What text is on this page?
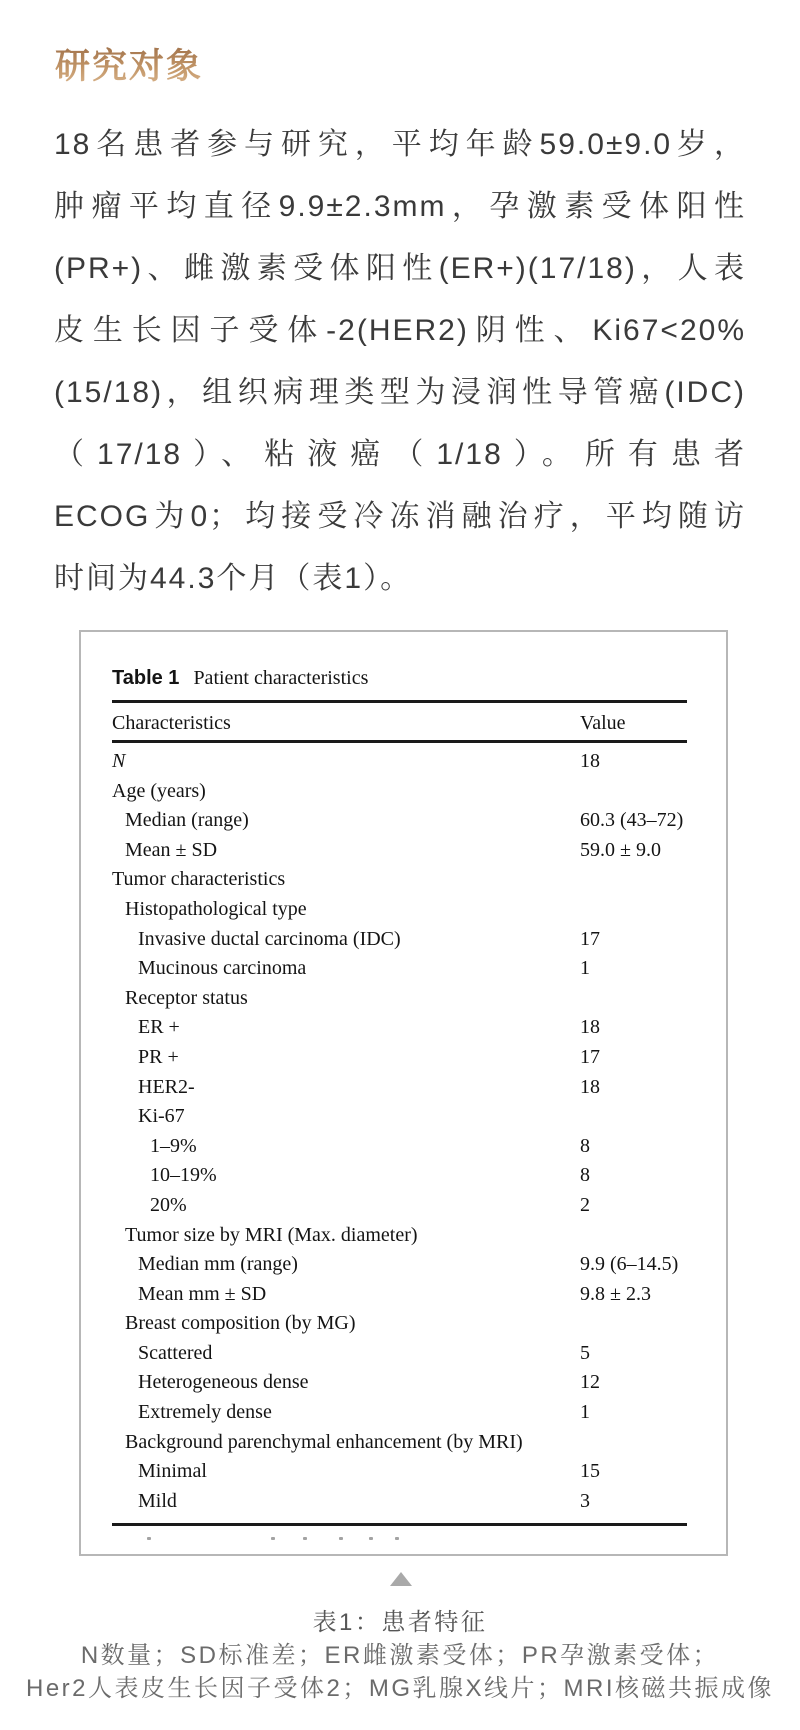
研究对象
18名患者参与研究，平均年龄59.0±9.0岁，
肿瘤平均直径9.9±2.3mm，孕激素受体阳性
(PR+)、雌激素受体阳性(ER+)(17/18)，人表
皮生长因子受体-2(HER2)阴性、Ki67<20%
(15/18)，组织病理类型为浸润性导管癌(IDC)
（17/18）、粘液癌（1/18）。所有患者
ECOG为0；均接受冷冻消融治疗，平均随访
时间为44.3个月（表1）。
Table 1 Patient characteristics
Characteristics	Value
N	18
Age (years)
Median (range)	60.3 (43–72)
Mean ± SD	59.0 ± 9.0
Tumor characteristics
Histopathological type
Invasive ductal carcinoma (IDC)	17
Mucinous carcinoma	1
Receptor status
ER +	18
PR +	17
HER2-	18
Ki-67
1–9%	8
10–19%	8
20%	2
Tumor size by MRI (Max. diameter)
Median mm (range)	9.9 (6–14.5)
Mean mm ± SD	9.8 ± 2.3
Breast composition (by MG)
Scattered	5
Heterogeneous dense	12
Extremely dense	1
Background parenchymal enhancement (by MRI)
Minimal	15
Mild	3
表1：患者特征
N数量；SD标准差；ER雌激素受体；PR孕激素受体；
Her2人表皮生长因子受体2；MG乳腺X线片；MRI核磁共振成像
